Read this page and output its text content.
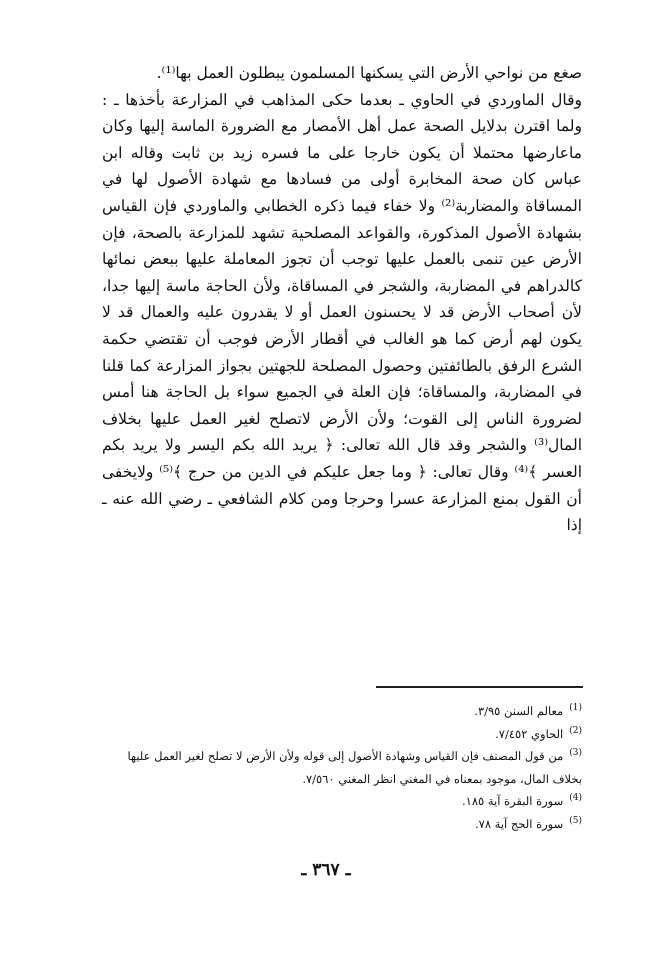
صغع من نواحي الأرض التي يسكنها المسلمون يبطلون العمل بها⁽¹⁾.

وقال الماوردي في الحاوي ـ بعدما حكى المذاهب في المزارعة بأخذها ـ : ولما اقترن بدلايل الصحة عمل أهل الأمصار مع الضرورة الماسة إليها وكان ماعارضها محتملا أن يكون خارجا على ما فسره زيد بن ثابت وقاله ابن عباس كان صحة المخابرة أولى من فسادها مع شهادة الأصول لها في المساقاة والمضاربة⁽²⁾ ولا خفاء فيما ذكره الخطابي والماوردي فإن القياس بشهادة الأصول المذكورة، والقواعد المصلحية تشهد للمزارعة بالصحة، فإن الأرض عين تنمى بالعمل عليها توجب أن تجوز المعاملة عليها ببعض نمائها كالدراهم في المضاربة، والشجر في المساقاة، ولأن الحاجة ماسة إليها جدا، لأن أصحاب الأرض قد لا يحسنون العمل أو لا يقدرون عليه والعمال قد لا يكون لهم أرض كما هو الغالب في أقطار الأرض فوجب أن تقتضي حكمة الشرع الرفق بالطائفتين وحصول المصلحة للجهتين بجواز المزارعة كما قلنا في المضاربة، والمساقاة؛ فإن العلة في الجميع سواء بل الحاجة هنا أمس لضرورة الناس إلى القوت؛ ولأن الأرض لاتصلح لغير العمل عليها بخلاف المال⁽³⁾ والشجر وقد قال الله تعالى: ﴿ يريد الله بكم اليسر ولا يريد بكم العسر ﴾⁽⁴⁾ وقال تعالى: ﴿ وما جعل عليكم في الدين من حرج ﴾⁽⁵⁾ ولايخفى أن القول بمنع المزارعة عسرا وحرجا ومن كلام الشافعي ـ رضي الله عنه ـ إذا

$^{(1)}$معالم السنن ٣/٩٥.
$^{(2)}$الحاوي ٧/٤٥٢.
$^{(3)}$من قول المصنف فإن القياس وشهادة الأصول إلى قوله ولأن الأرض لا تصلح لغير العمل عليها بخلاف المال، موجود بمعناه في المغني انظر المغني ٧/٥٦٠.
$^{(4)}$سورة البقرة آية ١٨٥.
$^{(5)}$سورة الحج آية ٧٨.
ـ ٣٦٧ ـ
